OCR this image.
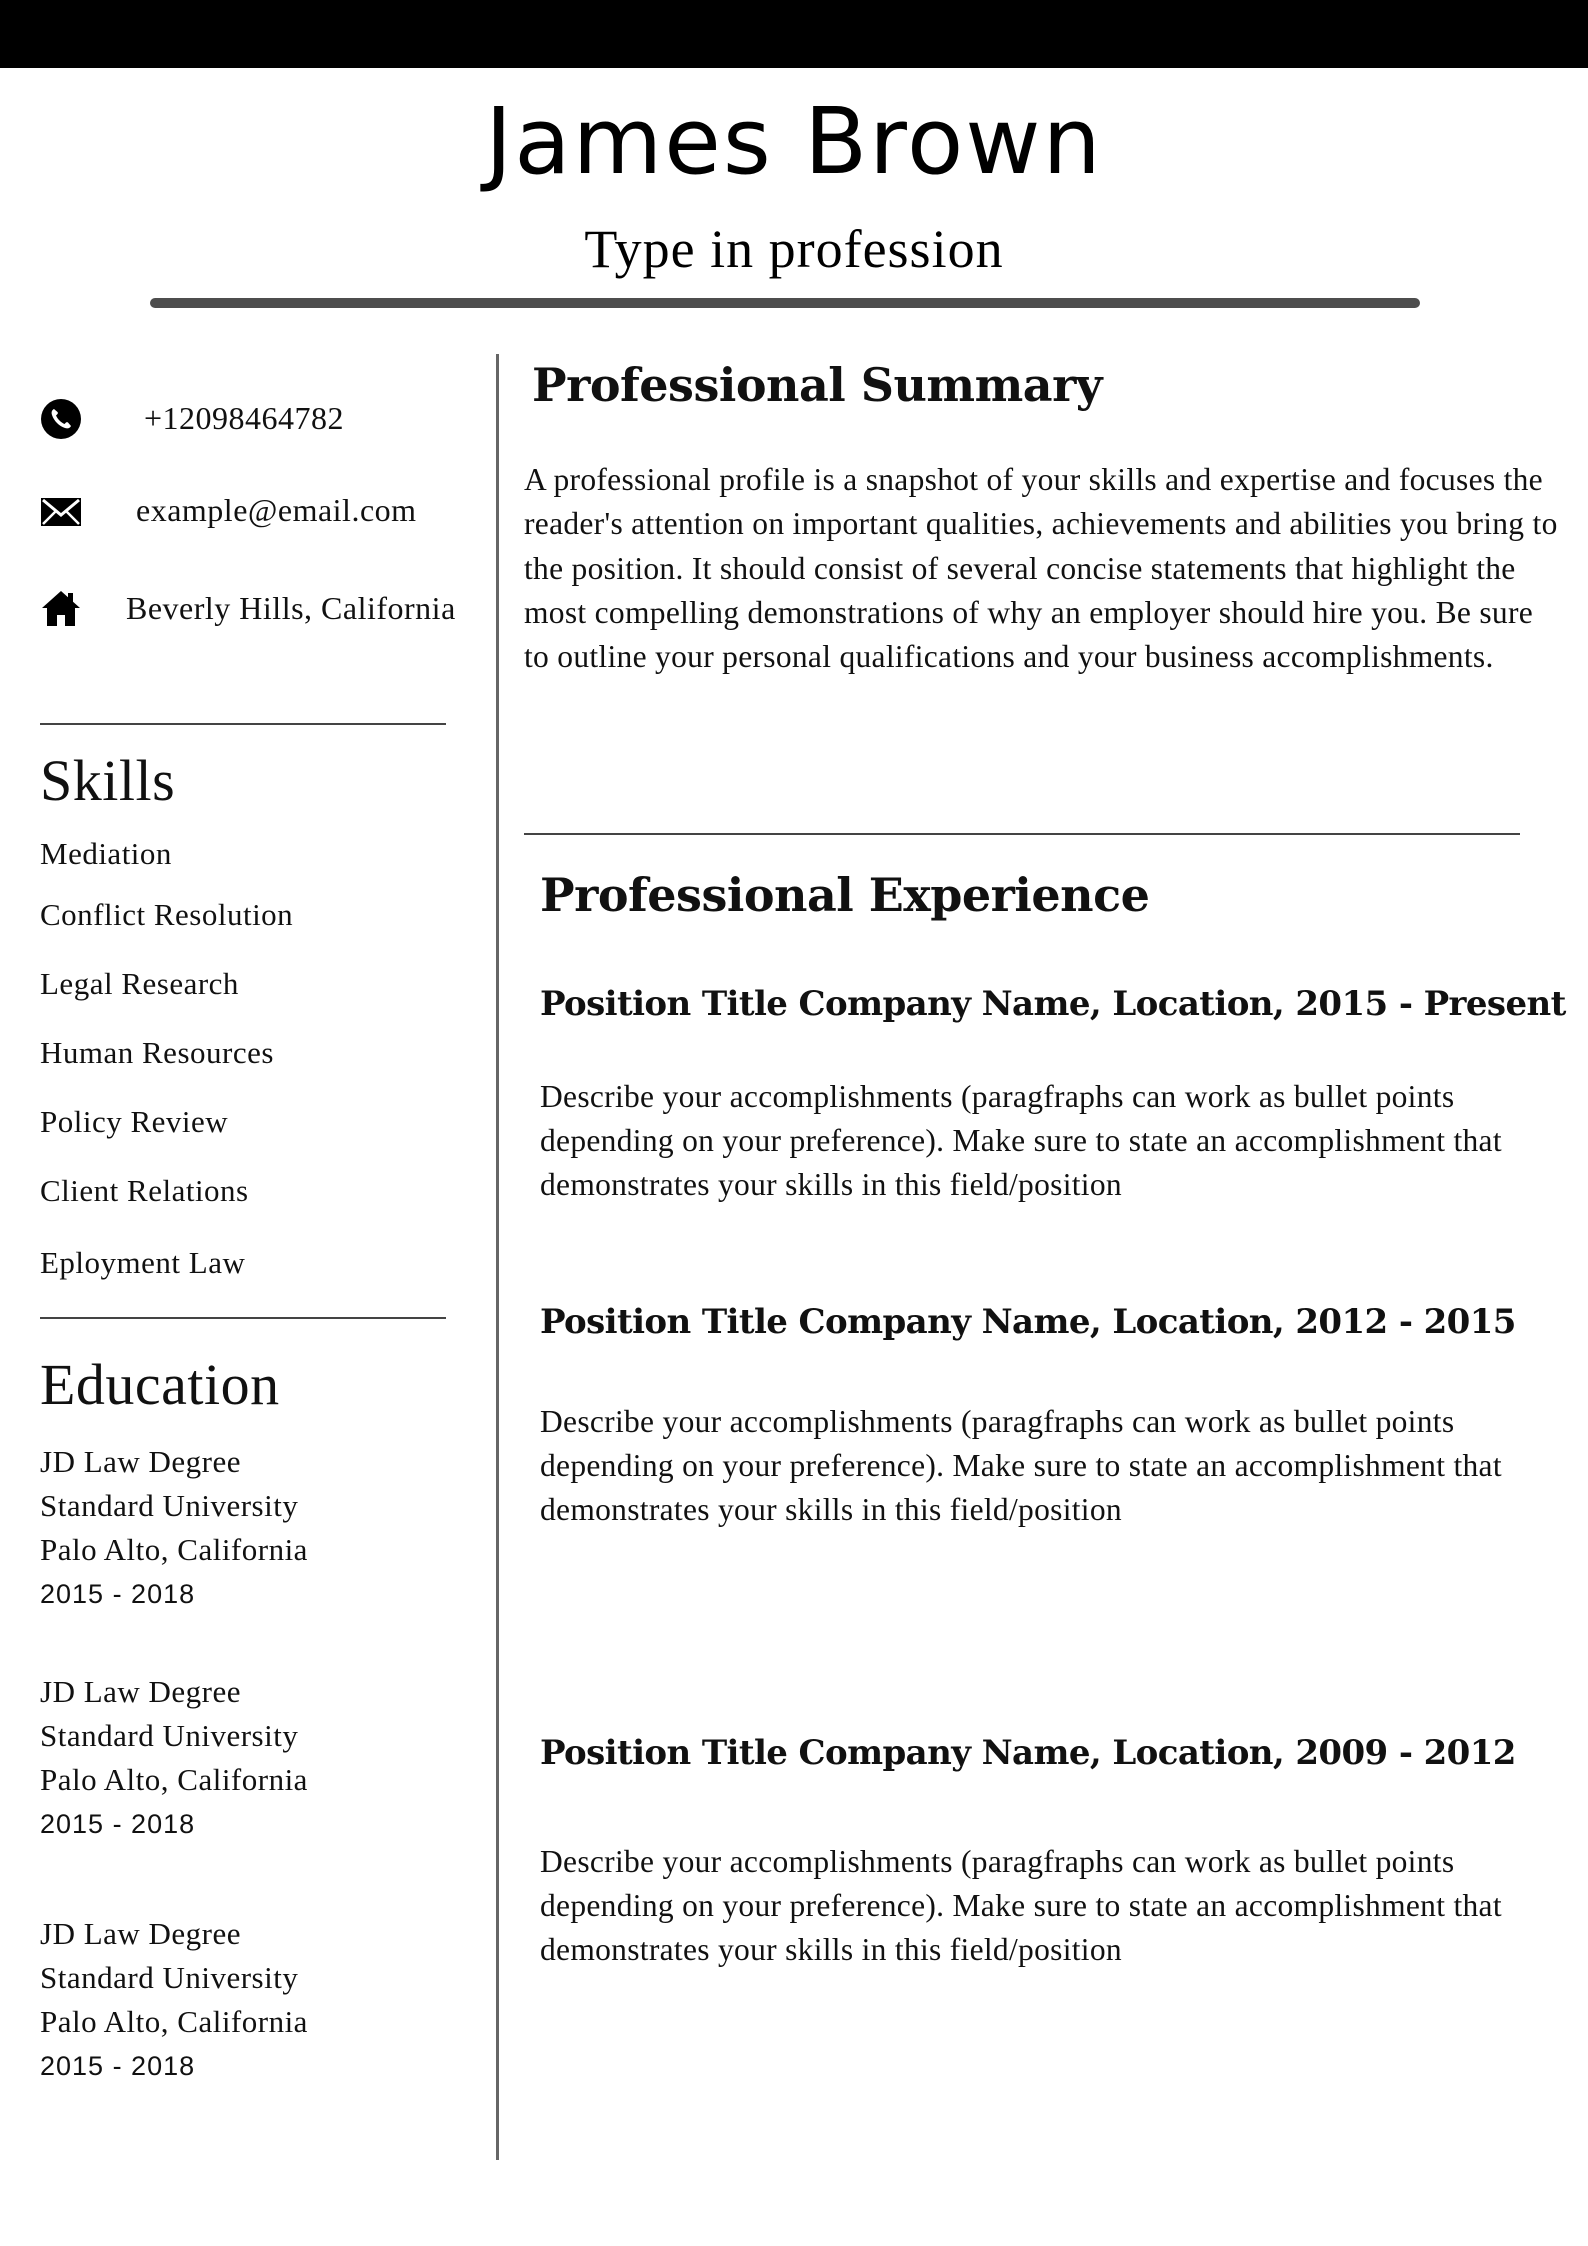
James Brown
Type in profession
+12098464782
example@email.com
Beverly Hills, California
Skills
Mediation
Conflict Resolution
Legal Research
Human Resources
Policy Review
Client Relations
Eployment Law
Education
JD Law Degree
Standard University
Palo Alto, California
2015 - 2018
JD Law Degree
Standard University
Palo Alto, California
2015 - 2018
JD Law Degree
Standard University
Palo Alto, California
2015 - 2018
Professional Summary
A professional profile is a snapshot of your skills and expertise and focuses the reader's attention on important qualities, achievements and abilities you bring to the position. It should consist of several concise statements that highlight the most compelling demonstrations of why an employer should hire you. Be sure to outline your personal qualifications and your business accomplishments.
Professional Experience
Position Title Company Name, Location, 2015 - Present
Describe your accomplishments (paragfraphs can work as bullet points depending on your preference). Make sure to state an accomplishment that demonstrates your skills in this field/position
Position Title Company Name, Location, 2012 - 2015
Describe your accomplishments (paragfraphs can work as bullet points depending on your preference). Make sure to state an accomplishment that demonstrates your skills in this field/position
Position Title Company Name, Location, 2009 - 2012
Describe your accomplishments (paragfraphs can work as bullet points depending on your preference). Make sure to state an accomplishment that demonstrates your skills in this field/position
